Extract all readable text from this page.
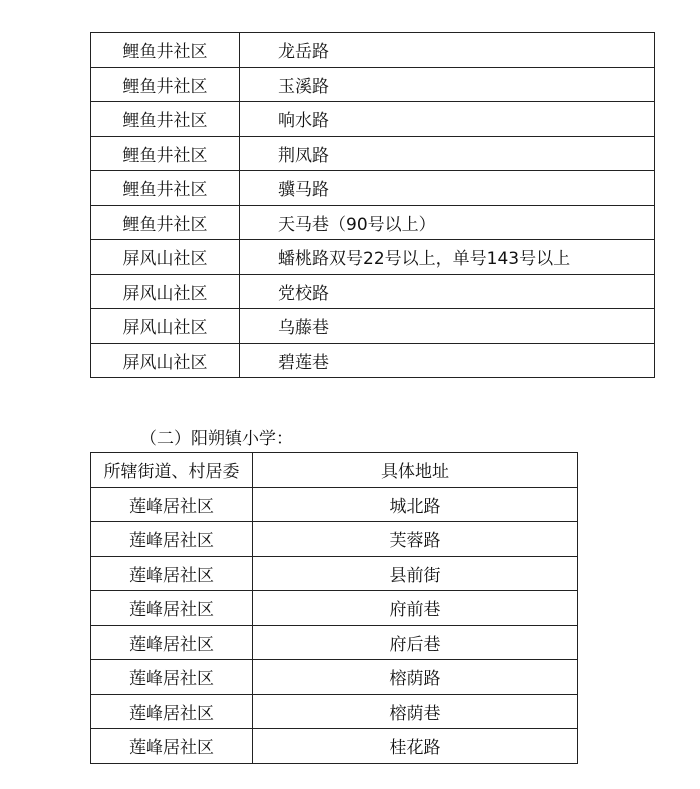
鲤鱼井社区	龙岳路
鲤鱼井社区	玉溪路
鲤鱼井社区	响水路
鲤鱼井社区	荆凤路
鲤鱼井社区	骥马路
鲤鱼井社区	天马巷（90号以上）
屏风山社区	蟠桃路双号22号以上，单号143号以上
屏风山社区	党校路
屏风山社区	乌藤巷
屏风山社区	碧莲巷
（二）阳朔镇小学：
所辖街道、村居委	具体地址
莲峰居社区	城北路
莲峰居社区	芙蓉路
莲峰居社区	县前街
莲峰居社区	府前巷
莲峰居社区	府后巷
莲峰居社区	榕荫路
莲峰居社区	榕荫巷
莲峰居社区	桂花路
